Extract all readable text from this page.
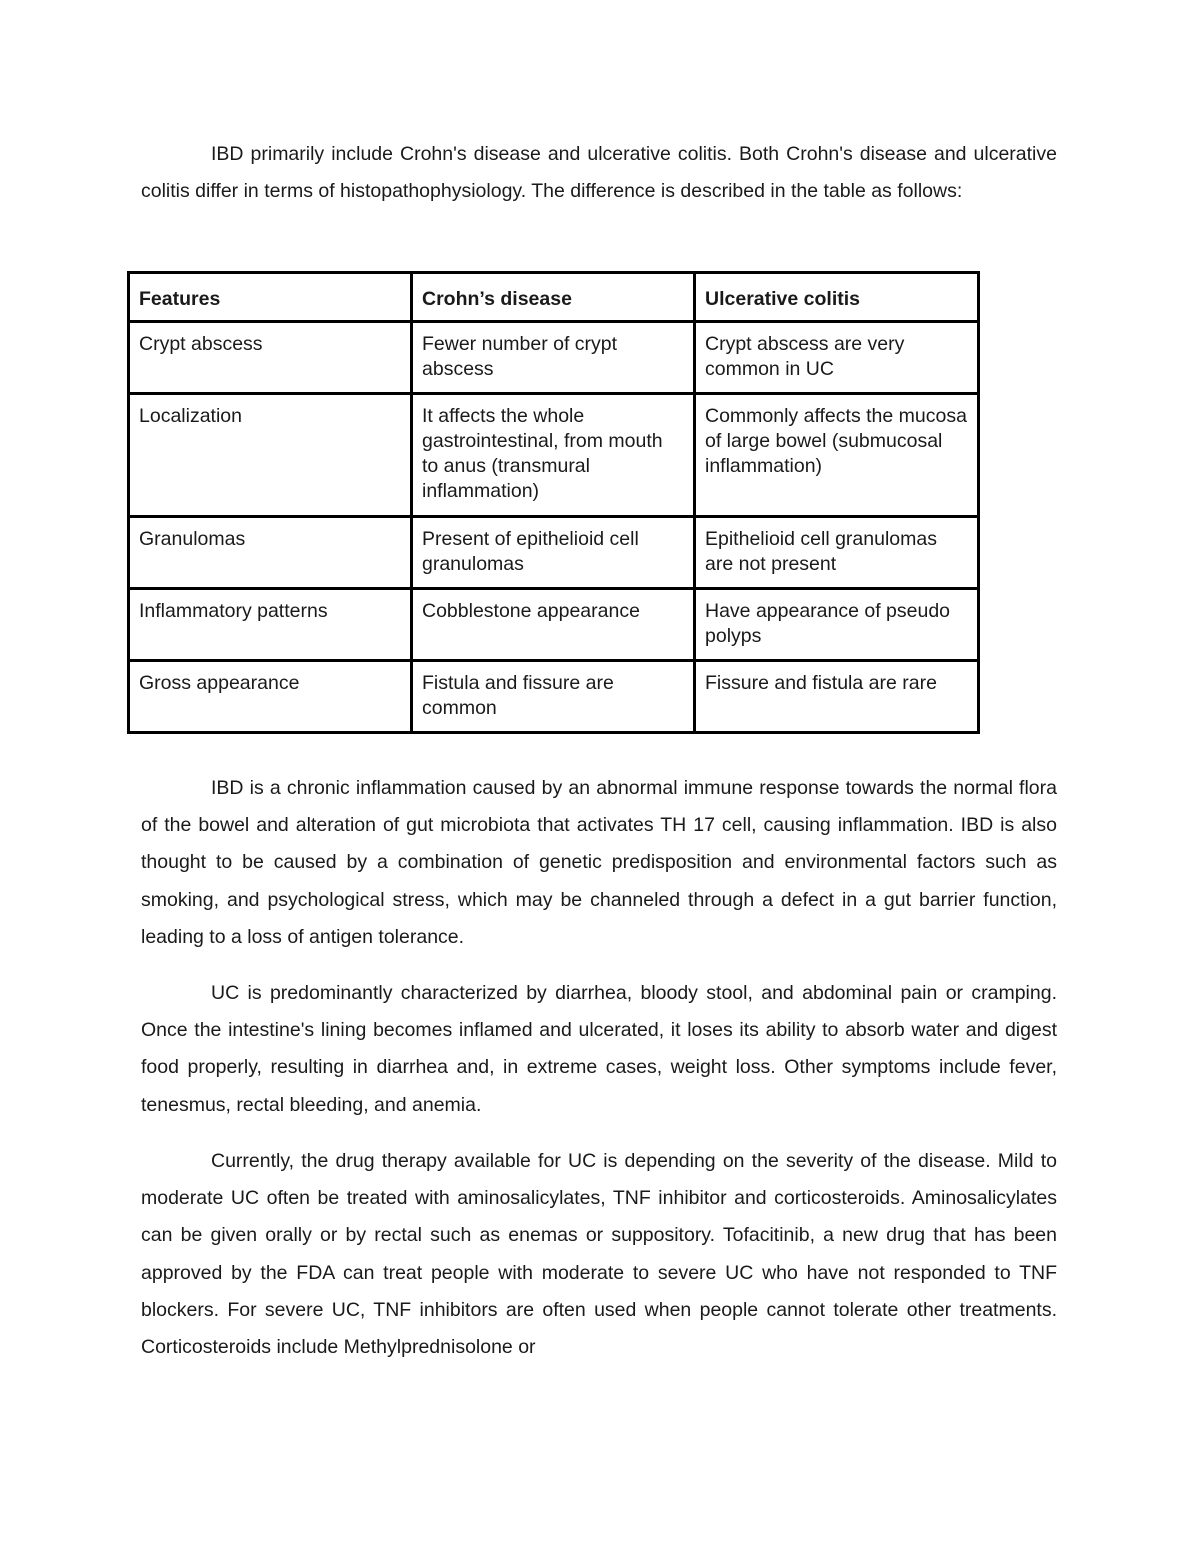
IBD primarily include Crohn's disease and ulcerative colitis. Both Crohn's disease and ulcerative colitis differ in terms of histopathophysiology. The difference is described in the table as follows:

Features	Crohn’s disease	Ulcerative colitis
Crypt abscess	Fewer number of crypt abscess	Crypt abscess are very common in UC
Localization	It affects the whole gastrointestinal, from mouth to anus (transmural inflammation)	Commonly affects the mucosa of large bowel (submucosal inflammation)
Granulomas	Present of epithelioid cell granulomas	Epithelioid cell granulomas are not present
Inflammatory patterns	Cobblestone appearance	Have appearance of pseudo polyps
Gross appearance	Fistula and fissure are common	Fissure and fistula are rare

IBD is a chronic inflammation caused by an abnormal immune response towards the normal flora of the bowel and alteration of gut microbiota that activates TH 17 cell, causing inflammation. IBD is also thought to be caused by a combination of genetic predisposition and environmental factors such as smoking, and psychological stress, which may be channeled through a defect in a gut barrier function, leading to a loss of antigen tolerance.

UC is predominantly characterized by diarrhea, bloody stool, and abdominal pain or cramping. Once the intestine's lining becomes inflamed and ulcerated, it loses its ability to absorb water and digest food properly, resulting in diarrhea and, in extreme cases, weight loss. Other symptoms include fever, tenesmus, rectal bleeding, and anemia.

Currently, the drug therapy available for UC is depending on the severity of the disease. Mild to moderate UC often be treated with aminosalicylates, TNF inhibitor and corticosteroids. Aminosalicylates can be given orally or by rectal such as enemas or suppository. Tofacitinib, a new drug that has been approved by the FDA can treat people with moderate to severe UC who have not responded to TNF blockers. For severe UC, TNF inhibitors are often used when people cannot tolerate other treatments. Corticosteroids include Methylprednisolone or
